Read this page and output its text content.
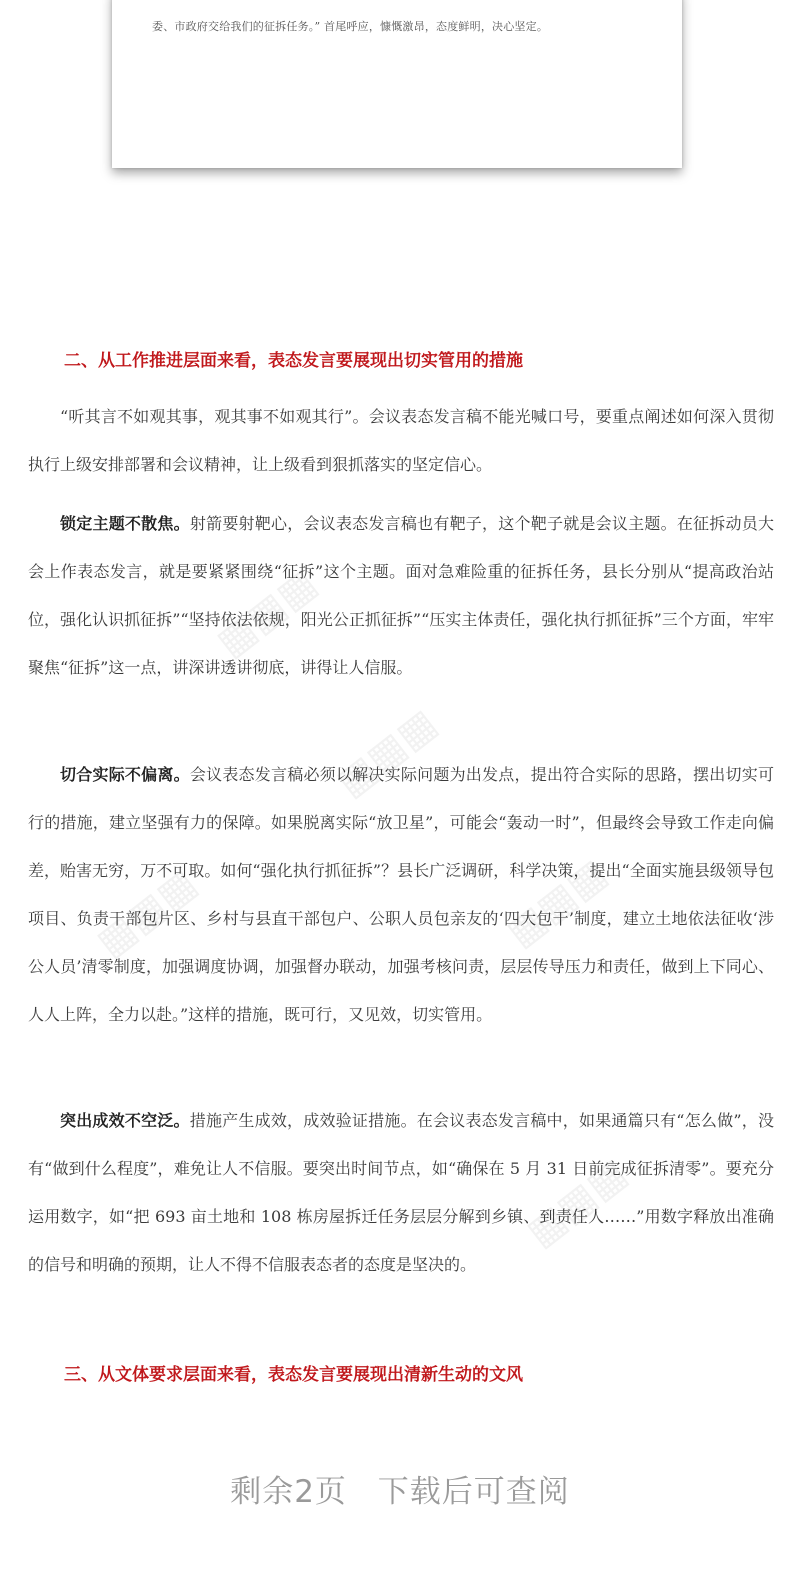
委、市政府交给我们的征拆任务。” 首尾呼应，慷慨激昂，态度鲜明，决心坚定。
二、从工作推进层面来看，表态发言要展现出切实管用的措施

“听其言不如观其事，观其事不如观其行”。会议表态发言稿不能光喊口号，要重点阐述如何深入贯彻执行上级安排部署和会议精神，让上级看到狠抓落实的坚定信心。

锁定主题不散焦。射箭要射靶心，会议表态发言稿也有靶子，这个靶子就是会议主题。在征拆动员大会上作表态发言，就是要紧紧围绕“征拆”这个主题。面对急难险重的征拆任务，县长分别从“提高政治站位，强化认识抓征拆”“坚持依法依规，阳光公正抓征拆”“压实主体责任，强化执行抓征拆”三个方面，牢牢聚焦“征拆”这一点，讲深讲透讲彻底，讲得让人信服。

切合实际不偏离。会议表态发言稿必须以解决实际问题为出发点，提出符合实际的思路，摆出切实可行的措施，建立坚强有力的保障。如果脱离实际“放卫星”，可能会“轰动一时”，但最终会导致工作走向偏差，贻害无穷，万不可取。如何“强化执行抓征拆”？县长广泛调研，科学决策，提出“全面实施县级领导包项目、负责干部包片区、乡村与县直干部包户、公职人员包亲友的‘四大包干’制度，建立土地依法征收‘涉公人员’清零制度，加强调度协调，加强督办联动，加强考核问责，层层传导压力和责任，做到上下同心、人人上阵，全力以赴。”这样的措施，既可行，又见效，切实管用。

突出成效不空泛。措施产生成效，成效验证措施。在会议表态发言稿中，如果通篇只有“怎么做”，没有“做到什么程度”，难免让人不信服。要突出时间节点，如“确保在 5 月 31 日前完成征拆清零”。要充分运用数字，如“把 693 亩土地和 108 栋房屋拆迁任务层层分解到乡镇、到责任人……”用数字释放出准确的信号和明确的预期，让人不得不信服表态者的态度是坚决的。

三、从文体要求层面来看，表态发言要展现出清新生动的文风
▦▦▦
▦▦▦
▦▦▦	▦▦▦
▦▦▦
剩余2页 下载后可查阅
